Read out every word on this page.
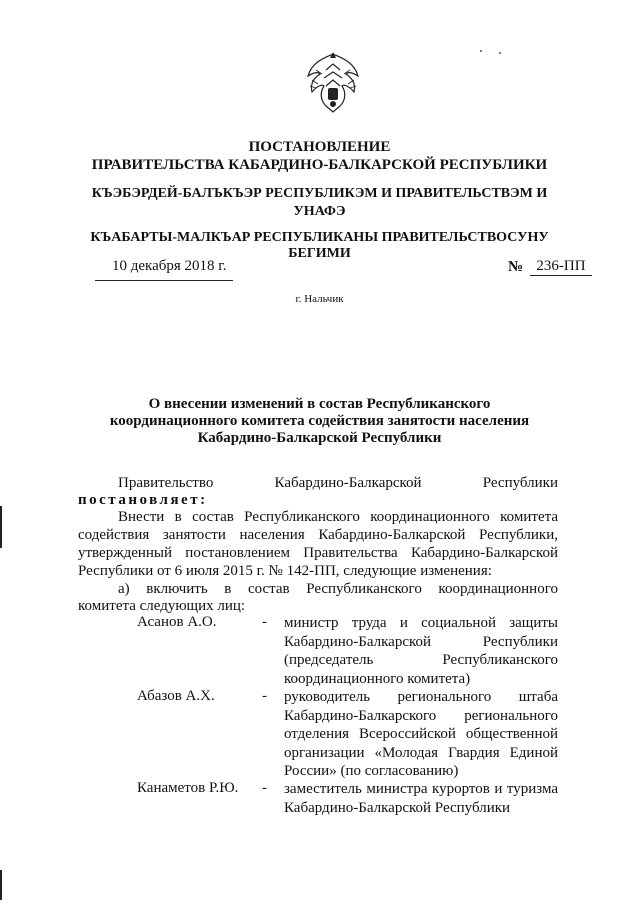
ПОСТАНОВЛЕНИЕ
ПРАВИТЕЛЬСТВА КАБАРДИНО-БАЛКАРСКОЙ РЕСПУБЛИКИ
КЪЭБЭРДЕЙ-БАЛЪКЪЭР РЕСПУБЛИКЭМ И ПРАВИТЕЛЬСТВЭМ И
УНАФЭ
КЪАБАРТЫ-МАЛКЪАР РЕСПУБЛИКАНЫ ПРАВИТЕЛЬСТВОСУНУ
БЕГИМИ
10 декабря 2018 г.	№ 236-ПП
г. Нальчик
О внесении изменений в состав Республиканского
координационного комитета содействия занятости населения
Кабардино-Балкарской Республики
Правительство Кабардино-Балкарской Республики
постановляет:
Внести в состав Республиканского координационного комитета
содействия занятости населения Кабардино-Балкарской Республики,
утвержденный постановлением Правительства Кабардино-Балкарской
Республики от 6 июля 2015 г. № 142-ПП, следующие изменения:
а) включить в состав Республиканского координационного
комитета следующих лиц:
Асанов А.О.	- министр труда и социальной защиты
Кабардино-Балкарской Республики
(председатель Республиканского
координационного комитета)
Абазов А.Х.	- руководитель регионального штаба
Кабардино-Балкарского регионального
отделения Всероссийской общественной
организации «Молодая Гвардия Единой
России» (по согласованию)
Канаметов Р.Ю. - заместитель министра курортов и туризма
Кабардино-Балкарской Республики
